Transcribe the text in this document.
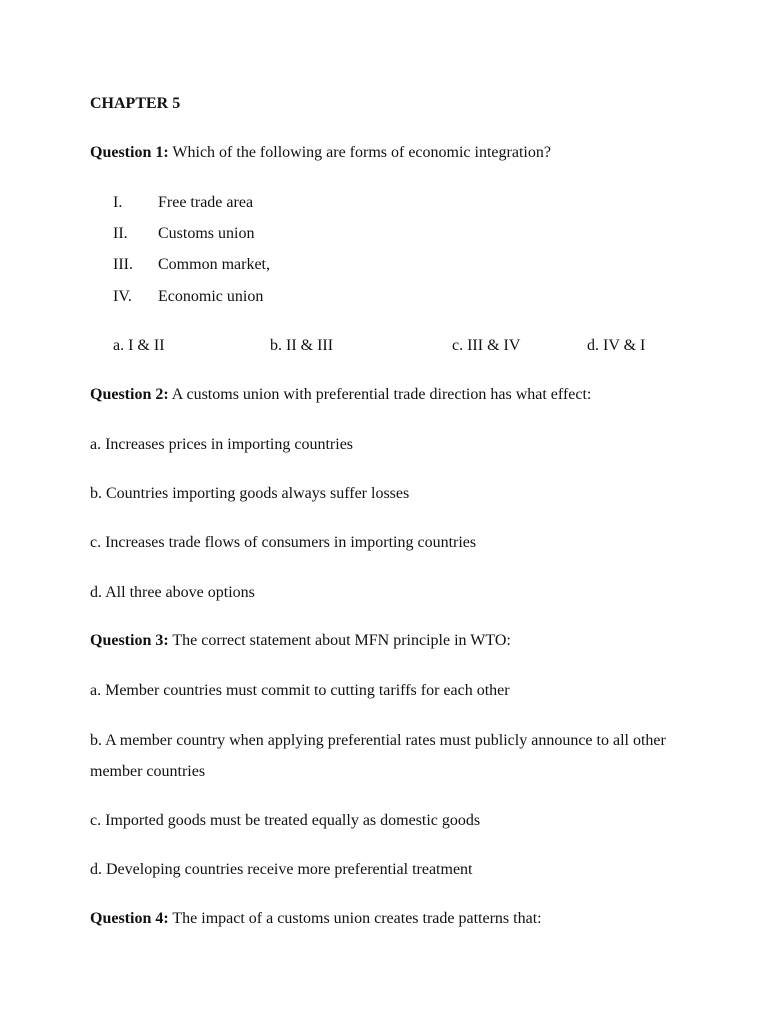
CHAPTER 5
Question 1: Which of the following are forms of economic integration?
I. Free trade area
II. Customs union
III. Common market,
IV. Economic union
a. I & II	b. II & III	c. III & IV	d. IV & I
Question 2: A customs union with preferential trade direction has what effect:
a. Increases prices in importing countries
b. Countries importing goods always suffer losses
c. Increases trade flows of consumers in importing countries
d. All three above options
Question 3: The correct statement about MFN principle in WTO:
a. Member countries must commit to cutting tariffs for each other
b. A member country when applying preferential rates must publicly announce to all other member countries
c. Imported goods must be treated equally as domestic goods
d. Developing countries receive more preferential treatment
Question 4: The impact of a customs union creates trade patterns that:
